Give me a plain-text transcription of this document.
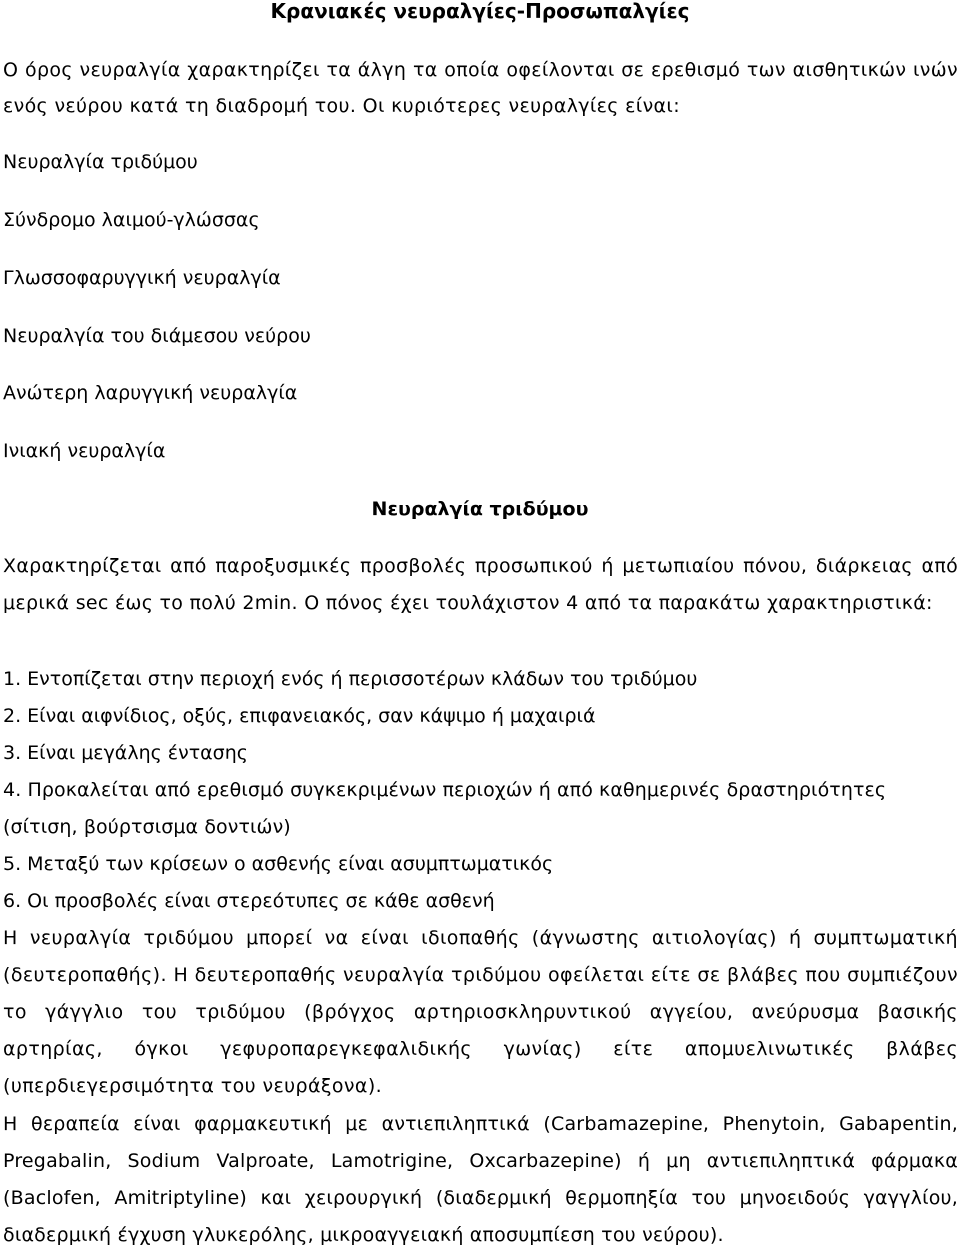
Κρανιακές νευραλγίες-Προσωπαλγίες
Ο όρος νευραλγία χαρακτηρίζει τα άλγη τα οποία οφείλονται σε ερεθισμό των αισθητικών ινών ενός νεύρου κατά τη διαδρομή του. Οι κυριότερες νευραλγίες είναι:
Νευραλγία τριδύμου
Σύνδρομο λαιμού-γλώσσας
Γλωσσοφαρυγγική νευραλγία
Νευραλγία του διάμεσου νεύρου
Ανώτερη λαρυγγική νευραλγία
Ινιακή νευραλγία
Νευραλγία τριδύμου
Χαρακτηρίζεται από παροξυσμικές προσβολές προσωπικού ή μετωπιαίου πόνου, διάρκειας από μερικά sec έως το πολύ 2min. Ο πόνος έχει τουλάχιστον 4 από τα παρακάτω χαρακτηριστικά:
1. Εντοπίζεται στην περιοχή ενός ή περισσοτέρων κλάδων του τριδύμου
2. Είναι αιφνίδιος, οξύς, επιφανειακός, σαν κάψιμο ή μαχαιριά
3. Είναι μεγάλης έντασης
4. Προκαλείται από ερεθισμό συγκεκριμένων περιοχών ή από καθημερινές δραστηριότητες (σίτιση, βούρτσισμα δοντιών)
5. Μεταξύ των κρίσεων ο ασθενής είναι ασυμπτωματικός
6. Οι προσβολές είναι στερεότυπες σε κάθε ασθενή
Η νευραλγία τριδύμου μπορεί να είναι ιδιοπαθής (άγνωστης αιτιολογίας) ή συμπτωματική (δευτεροπαθής). Η δευτεροπαθής νευραλγία τριδύμου οφείλεται είτε σε βλάβες που συμπιέζουν το γάγγλιο του τριδύμου (βρόγχος αρτηριοσκληρυντικού αγγείου, ανεύρυσμα βασικής αρτηρίας, όγκοι γεφυροπαρεγκεφαλιδικής γωνίας) είτε απομυελινωτικές βλάβες (υπερδιεγερσιμότητα του νευράξονα).
Η θεραπεία είναι φαρμακευτική με αντιεπιληπτικά (Carbamazepine, Phenytoin, Gabapentin, Pregabalin, Sodium Valproate, Lamotrigine, Oxcarbazepine) ή μη αντιεπιληπτικά φάρμακα (Baclofen, Amitriptyline) και χειρουργική (διαδερμική θερμοπηξία του μηνοειδούς γαγγλίου, διαδερμική έγχυση γλυκερόλης, μικροαγγειακή αποσυμπίεση του νεύρου).
